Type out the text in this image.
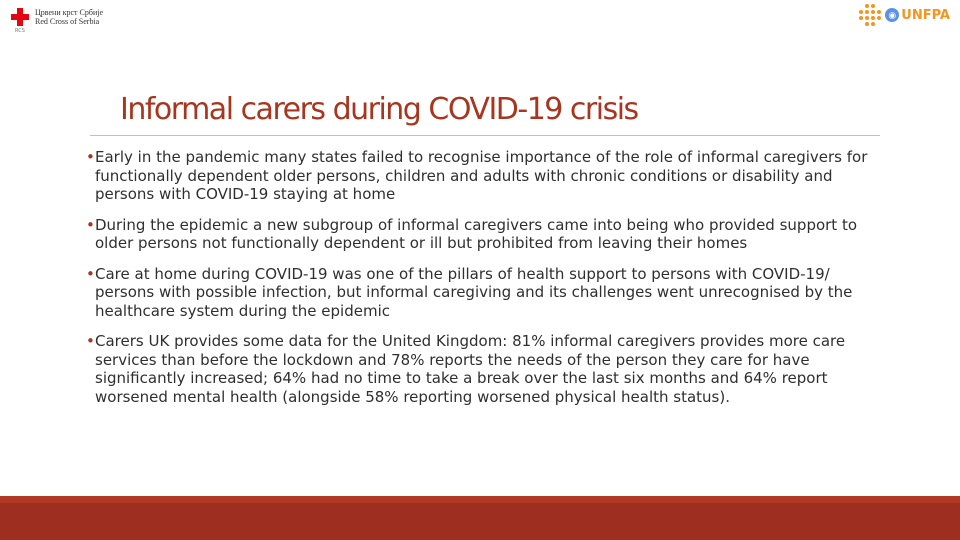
RCS
Црвени крст Србије
Red Cross of Serbia
◉ UNFPA
Informal carers during COVID-19 crisis
• Early in the pandemic many states failed to recognise importance of the role of informal caregivers for functionally dependent older persons, children and adults with chronic conditions or disability and persons with COVID-19 staying at home
• During the epidemic a new subgroup of informal caregivers came into being who provided support to older persons not functionally dependent or ill but prohibited from leaving their homes
• Care at home during COVID-19 was one of the pillars of health support to persons with COVID-19/ persons with possible infection, but informal caregiving and its challenges went unrecognised by the healthcare system during the epidemic
• Carers UK provides some data for the United Kingdom: 81% informal caregivers provides more care services than before the lockdown and 78% reports the needs of the person they care for have significantly increased; 64% had no time to take a break over the last six months and 64% report worsened mental health (alongside 58% reporting worsened physical health status).
